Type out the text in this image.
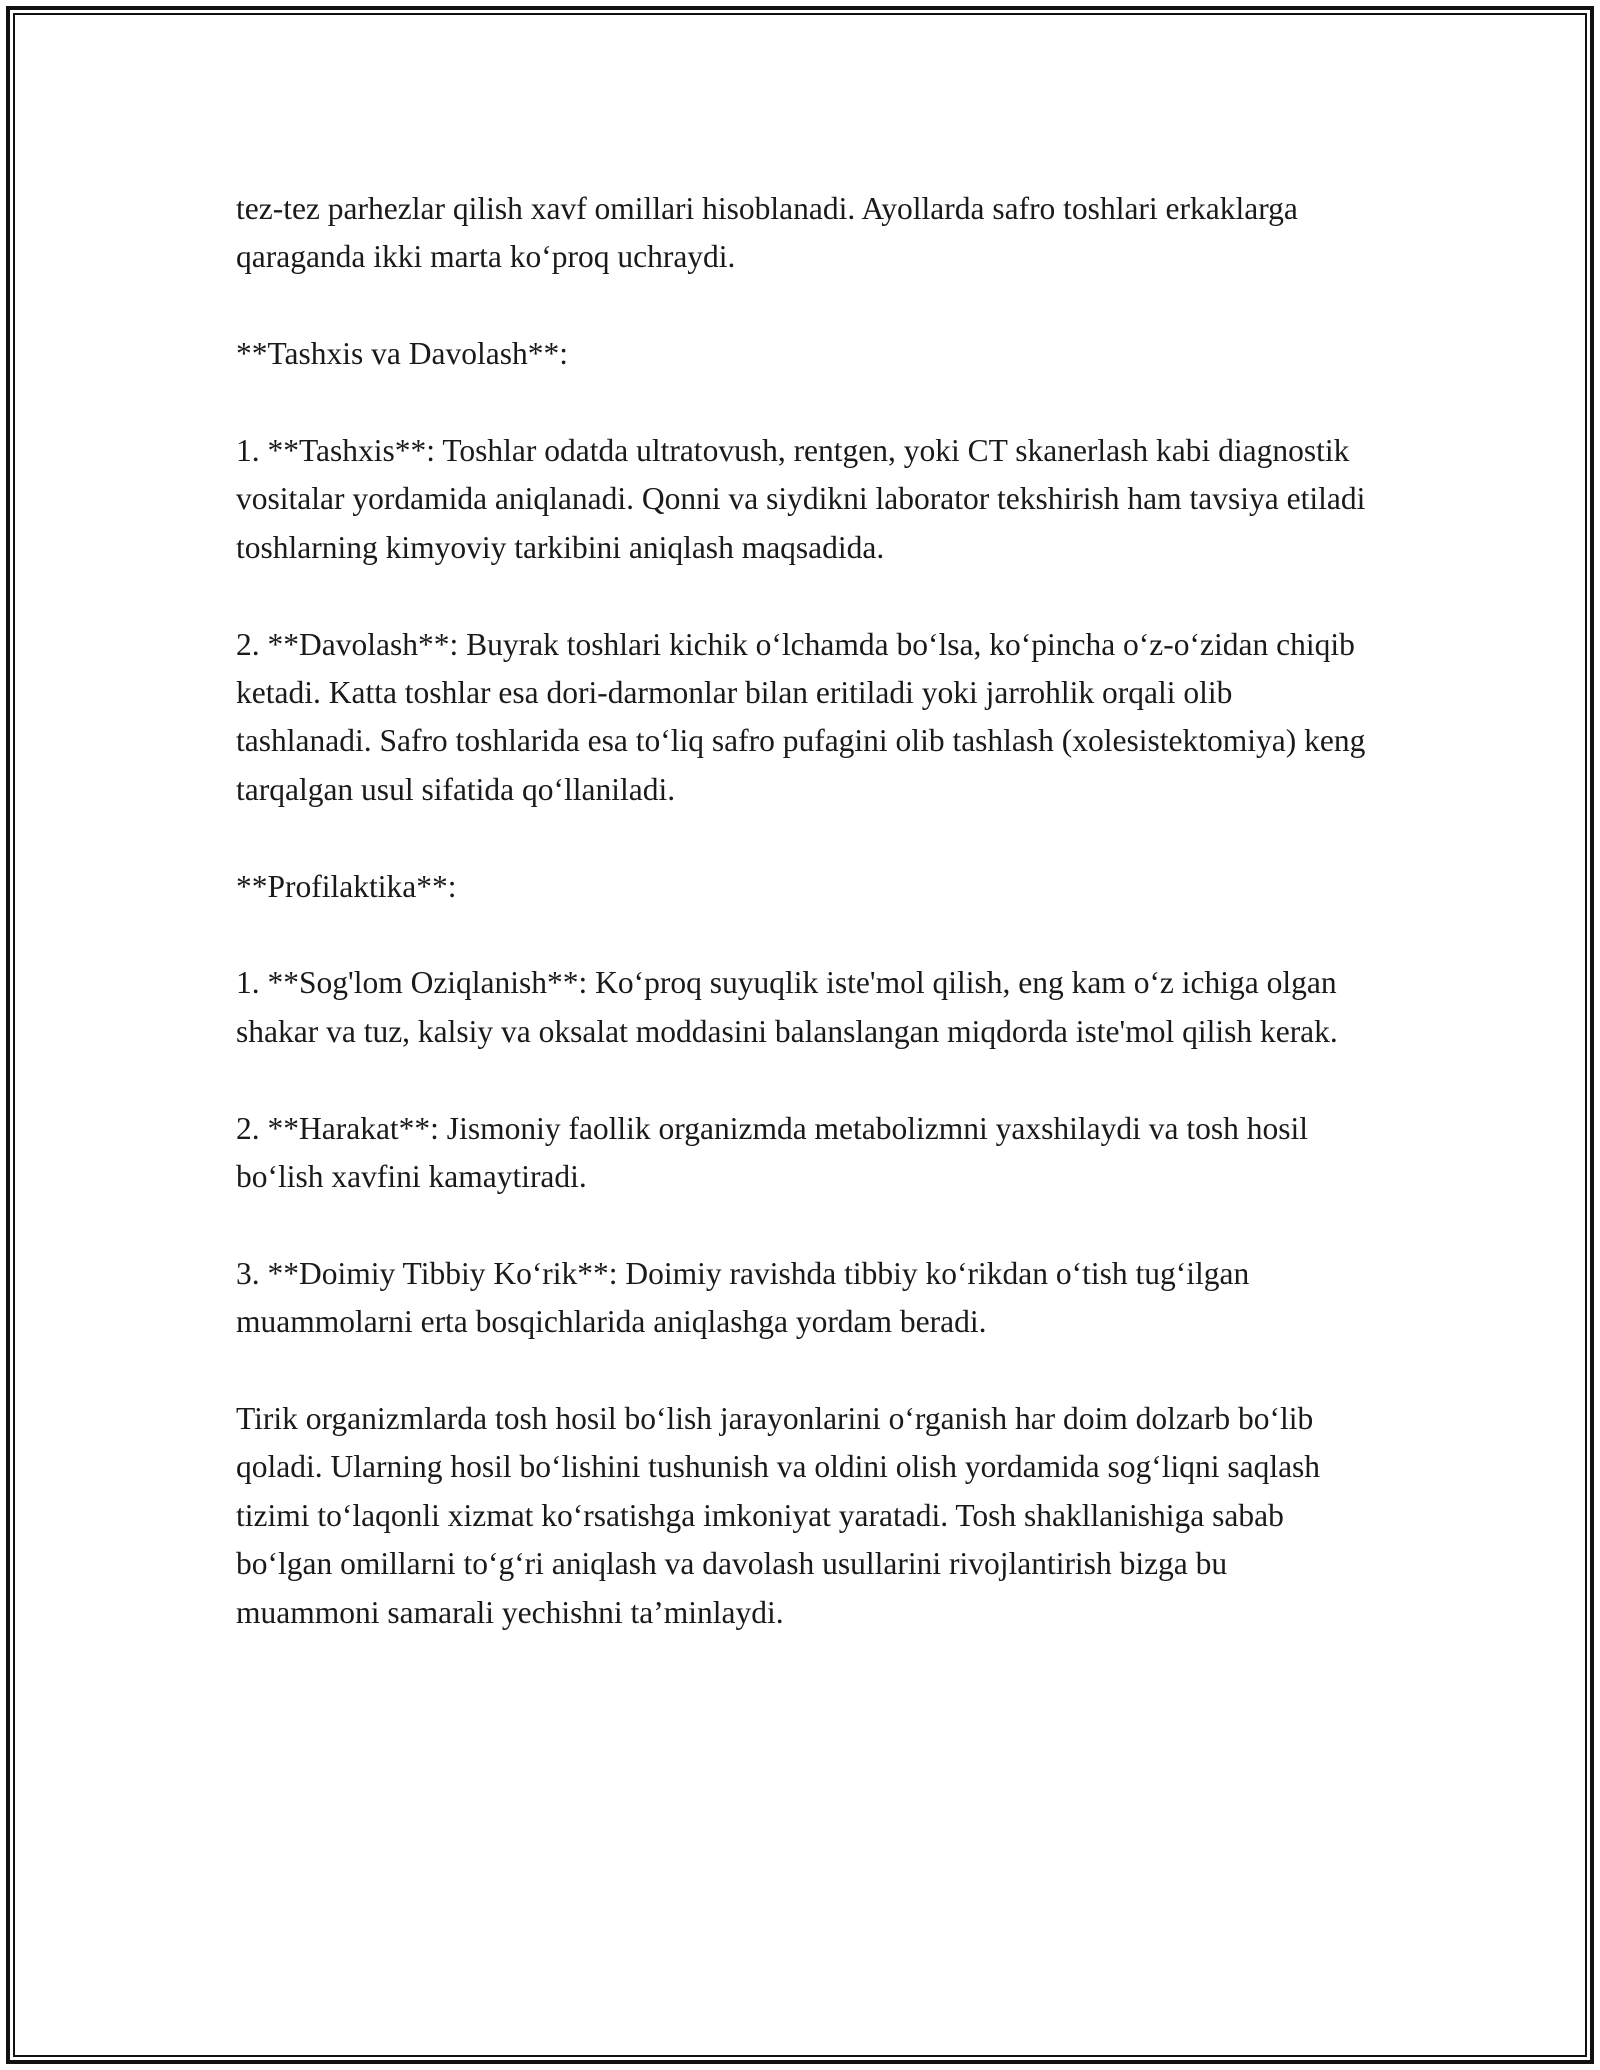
tez-tez parhezlar qilish xavf omillari hisoblanadi. Ayollarda safro toshlari erkaklarga qaraganda ikki marta ko‘proq uchraydi.

**Tashxis va Davolash**:

1. **Tashxis**: Toshlar odatda ultratovush, rentgen, yoki CT skanerlash kabi diagnostik vositalar yordamida aniqlanadi. Qonni va siydikni laborator tekshirish ham tavsiya etiladi toshlarning kimyoviy tarkibini aniqlash maqsadida.

2. **Davolash**: Buyrak toshlari kichik o‘lchamda bo‘lsa, ko‘pincha o‘z-o‘zidan chiqib ketadi. Katta toshlar esa dori-darmonlar bilan eritiladi yoki jarrohlik orqali olib tashlanadi. Safro toshlarida esa to‘liq safro pufagini olib tashlash (xolesistektomiya) keng tarqalgan usul sifatida qo‘llaniladi.

**Profilaktika**:

1. **Sog'lom Oziqlanish**: Ko‘proq suyuqlik iste'mol qilish, eng kam o‘z ichiga olgan shakar va tuz, kalsiy va oksalat moddasini balanslangan miqdorda iste'mol qilish kerak.

2. **Harakat**: Jismoniy faollik organizmda metabolizmni yaxshilaydi va tosh hosil bo‘lish xavfini kamaytiradi.

3. **Doimiy Tibbiy Ko‘rik**: Doimiy ravishda tibbiy ko‘rikdan o‘tish tug‘ilgan muammolarni erta bosqichlarida aniqlashga yordam beradi.

Tirik organizmlarda tosh hosil bo‘lish jarayonlarini o‘rganish har doim dolzarb bo‘lib qoladi. Ularning hosil bo‘lishini tushunish va oldini olish yordamida sog‘liqni saqlash tizimi to‘laqonli xizmat ko‘rsatishga imkoniyat yaratadi. Tosh shakllanishiga sabab bo‘lgan omillarni to‘g‘ri aniqlash va davolash usullarini rivojlantirish bizga bu muammoni samarali yechishni ta’minlaydi.
